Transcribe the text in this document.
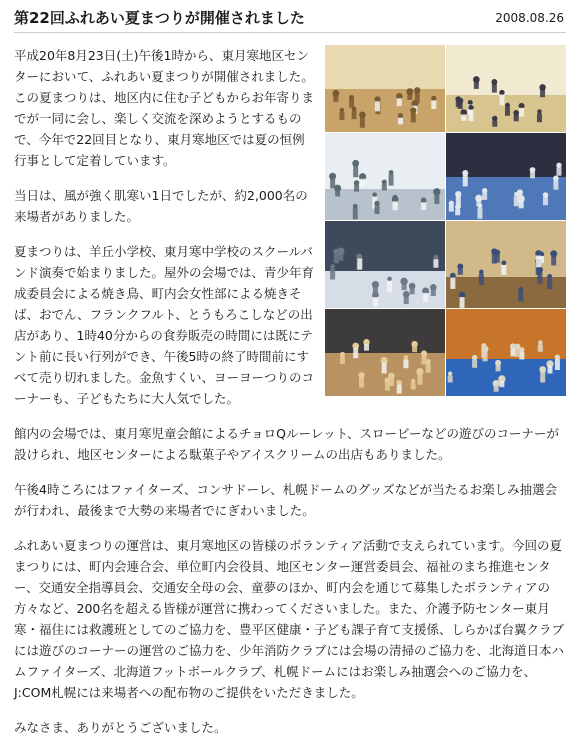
第22回ふれあい夏まつりが開催されました	2008.08.26

平成20年8月23日(土)午後1時から、東月寒地区センターにおいて、ふれあい夏まつりが開催されました。この夏まつりは、地区内に住む子どもからお年寄りまでが一同に会し、楽しく交流を深めようとするもので、今年で22回目となり、東月寒地区では夏の恒例行事として定着しています。

当日は、風が強く肌寒い1日でしたが、約2,000名の来場者がありました。

夏まつりは、羊丘小学校、東月寒中学校のスクールバンド演奏で始まりました。屋外の会場では、青少年育成委員会による焼き鳥、町内会女性部による焼きそば、おでん、フランクフルト、とうもろこしなどの出店があり、1時40分からの食券販売の時間には既にテント前に長い行列ができ、午後5時の終了時間前にすべて売り切れました。金魚すくい、ヨーヨーつりのコーナーも、子どもたちに大人気でした。

館内の会場では、東月寒児童会館によるチョロQルーレット、スロービーなどの遊びのコーナーが設けられ、地区センターによる駄菓子やアイスクリームの出店もありました。

午後4時ころにはファイターズ、コンサドーレ、札幌ドームのグッズなどが当たるお楽しみ抽選会が行われ、最後まで大勢の来場者でにぎわいました。

ふれあい夏まつりの運営は、東月寒地区の皆様のボランティア活動で支えられています。今回の夏まつりには、町内会連合会、単位町内会役員、地区センター運営委員会、福祉のまち推進センター、交通安全指導員会、交通安全母の会、童夢のほか、町内会を通じて募集したボランティアの方々など、200名を超える皆様が運営に携わってくださいました。また、介護予防センター東月寒・福住には救護班としてのご協力を、豊平区健康・子ども課子育て支援係、しらかば台翼クラブには遊びのコーナーの運営のご協力を、少年消防クラブには会場の清掃のご協力を、北海道日本ハムファイターズ、北海道フットボールクラブ、札幌ドームにはお楽しみ抽選会へのご協力を、J:COM札幌には来場者への配布物のご提供をいただきました。

みなさま、ありがとうございました。
